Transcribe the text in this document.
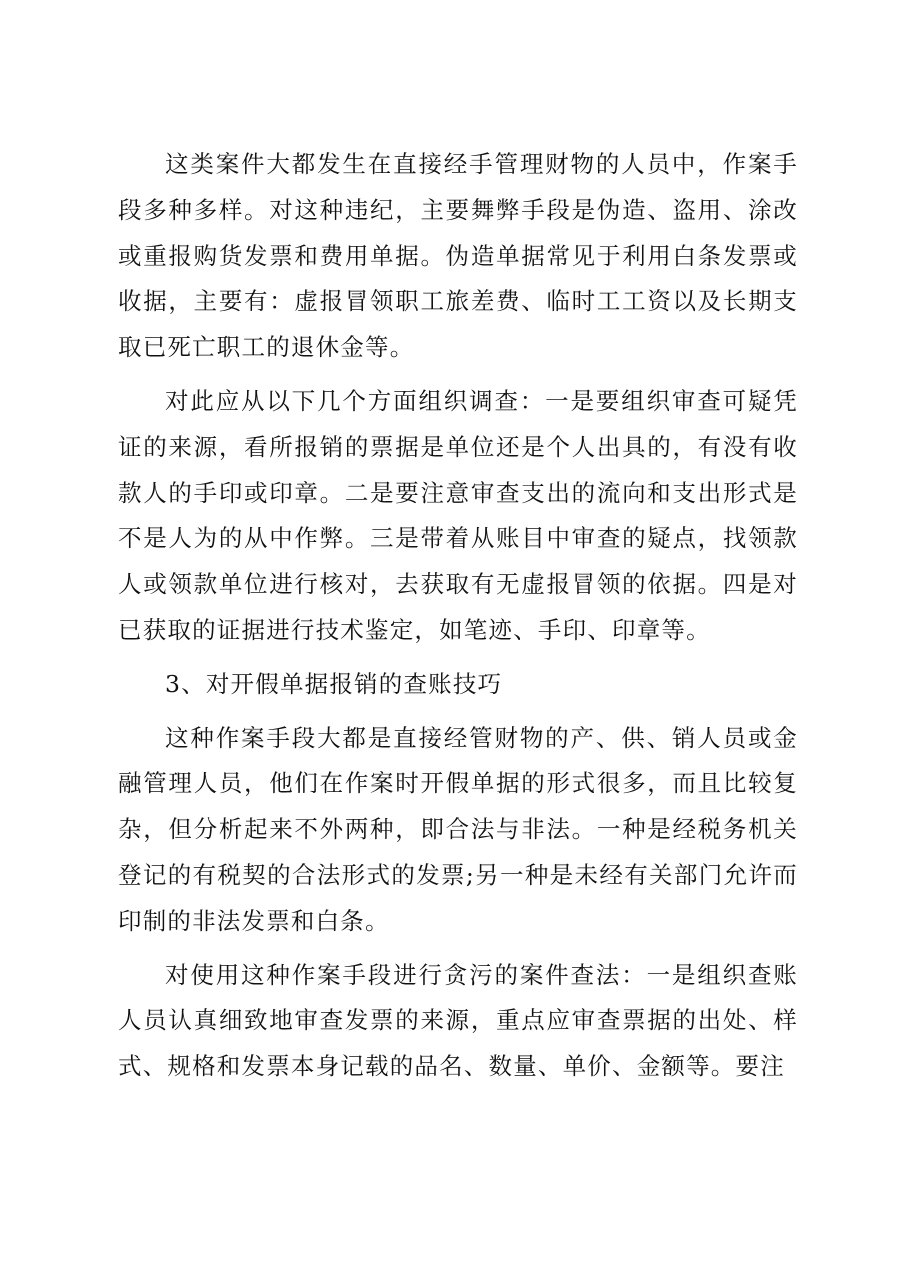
这类案件大都发生在直接经手管理财物的人员中，作案手段多种多样。对这种违纪，主要舞弊手段是伪造、盗用、涂改或重报购货发票和费用单据。伪造单据常见于利用白条发票或收据，主要有：虚报冒领职工旅差费、临时工工资以及长期支取已死亡职工的退休金等。

对此应从以下几个方面组织调查：一是要组织审查可疑凭证的来源，看所报销的票据是单位还是个人出具的，有没有收款人的手印或印章。二是要注意审查支出的流向和支出形式是不是人为的从中作弊。三是带着从账目中审查的疑点，找领款人或领款单位进行核对，去获取有无虚报冒领的依据。四是对已获取的证据进行技术鉴定，如笔迹、手印、印章等。

3、对开假单据报销的查账技巧

这种作案手段大都是直接经管财物的产、供、销人员或金融管理人员，他们在作案时开假单据的形式很多，而且比较复杂，但分析起来不外两种，即合法与非法。一种是经税务机关登记的有税契的合法形式的发票;另一种是未经有关部门允许而印制的非法发票和白条。

对使用这种作案手段进行贪污的案件查法：一是组织查账人员认真细致地审查发票的来源，重点应审查票据的出处、样式、规格和发票本身记载的品名、数量、单价、金额等。要注
